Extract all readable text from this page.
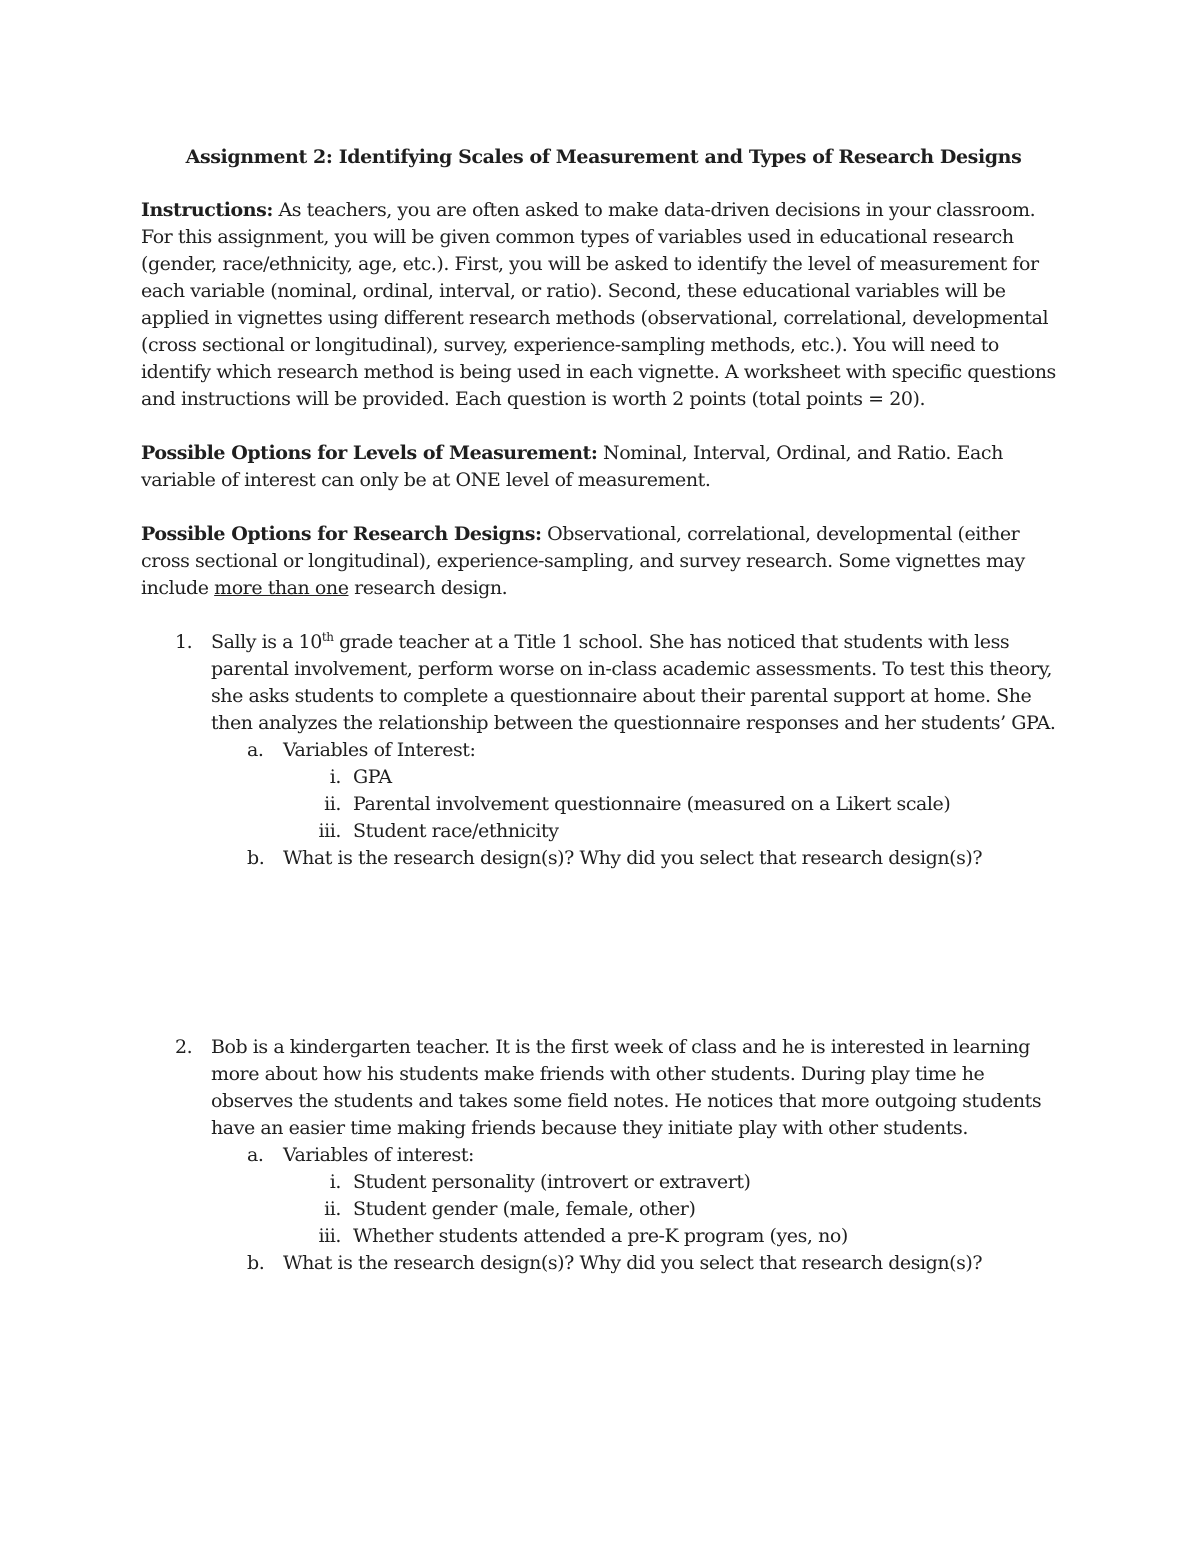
Assignment 2: Identifying Scales of Measurement and Types of Research Designs

Instructions: As teachers, you are often asked to make data-driven decisions in your classroom. For this assignment, you will be given common types of variables used in educational research (gender, race/ethnicity, age, etc.). First, you will be asked to identify the level of measurement for each variable (nominal, ordinal, interval, or ratio). Second, these educational variables will be applied in vignettes using different research methods (observational, correlational, developmental (cross sectional or longitudinal), survey, experience-sampling methods, etc.). You will need to identify which research method is being used in each vignette. A worksheet with specific questions and instructions will be provided. Each question is worth 2 points (total points = 20).

Possible Options for Levels of Measurement: Nominal, Interval, Ordinal, and Ratio. Each variable of interest can only be at ONE level of measurement.

Possible Options for Research Designs: Observational, correlational, developmental (either cross sectional or longitudinal), experience-sampling, and survey research. Some vignettes may include more than one research design.

1. Sally is a 10th grade teacher at a Title 1 school. She has noticed that students with less parental involvement, perform worse on in-class academic assessments. To test this theory, she asks students to complete a questionnaire about their parental support at home. She then analyzes the relationship between the questionnaire responses and her students’ GPA.
a. Variables of Interest:
i. GPA
ii. Parental involvement questionnaire (measured on a Likert scale)
iii. Student race/ethnicity
b. What is the research design(s)? Why did you select that research design(s)?
2. Bob is a kindergarten teacher. It is the first week of class and he is interested in learning more about how his students make friends with other students. During play time he observes the students and takes some field notes. He notices that more outgoing students have an easier time making friends because they initiate play with other students.
a. Variables of interest:
i. Student personality (introvert or extravert)
ii. Student gender (male, female, other)
iii. Whether students attended a pre-K program (yes, no)
b. What is the research design(s)? Why did you select that research design(s)?
